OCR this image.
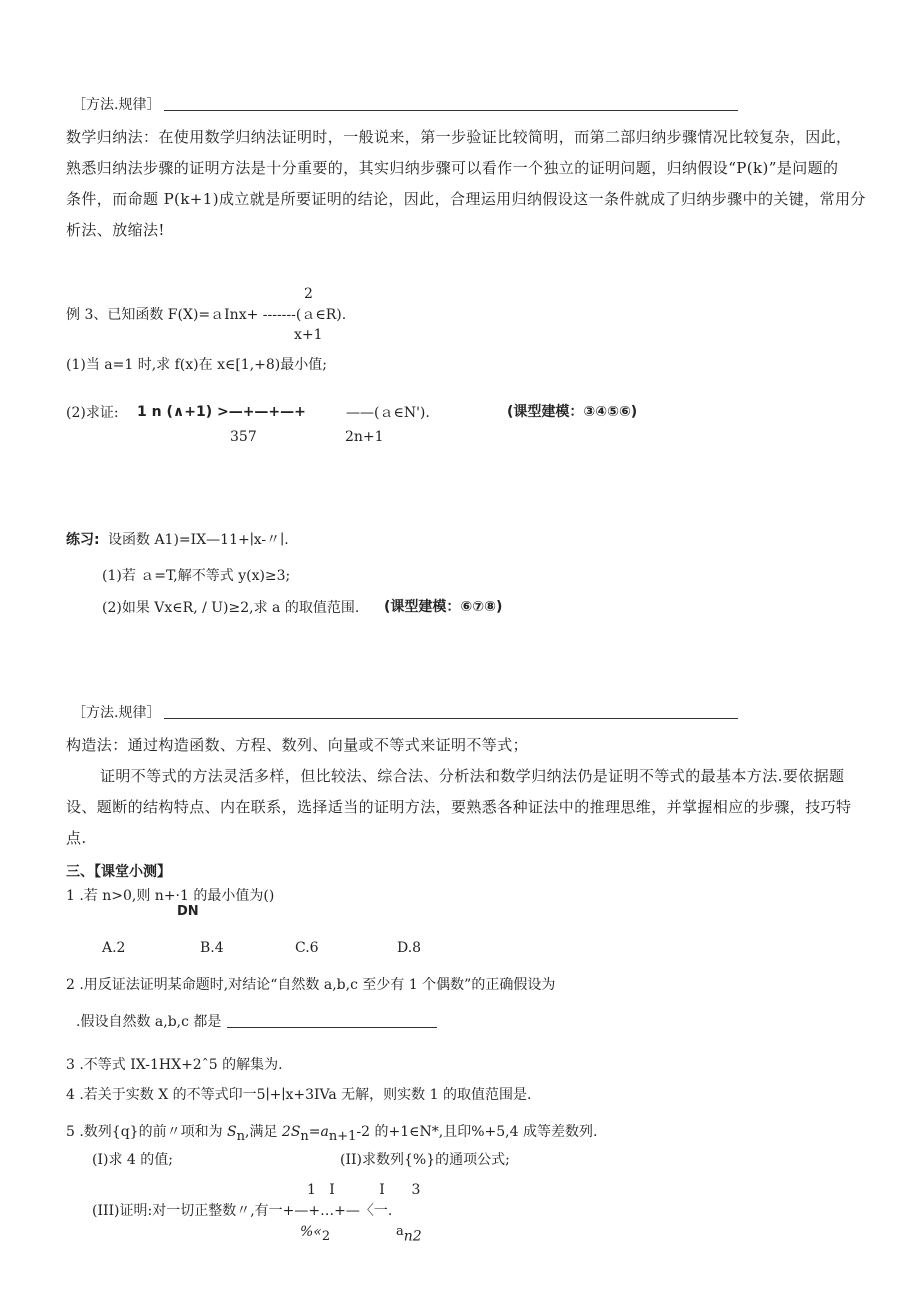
［方法.规律］
数学归纳法：在使用数学归纳法证明时，一般说来，第一步验证比较简明，而第二部归纳步骤情况比较复杂，因此，
熟悉归纳法步骤的证明方法是十分重要的，其实归纳步骤可以看作一个独立的证明问题，归纳假设“P(k)”是问题的
条件，而命题 P(k+1)成立就是所要证明的结论，因此，合理运用归纳假设这一条件就成了归纳步骤中的关键，常用分
析法、放缩法!
2
例 3、已知函数 F(X)=ａInx+ -------(ａ∈R).
x+1
(1)当 a=1 时,求 f(x)在 x∈[1,+8)最小值;
(2)求证: 1 n (∧+1) >—+—+—+	——(ａ∈N').	(课型建模：③④⑤⑥)
357	2n+1
练习: 设函数 A1)=IX—11+∣x-〃∣.
(1)若 ａ=T,解不等式 y(x)≥3;
(2)如果 Vx∈R, / U)≥2,求 a 的取值范围. (课型建模：⑥⑦⑧)
［方法.规律］
构造法：通过构造函数、方程、数列、向量或不等式来证明不等式；
证明不等式的方法灵活多样，但比较法、综合法、分析法和数学归纳法仍是证明不等式的最基本方法.要依据题
设、题断的结构特点、内在联系，选择适当的证明方法，要熟悉各种证法中的推理思维，并掌握相应的步骤，技巧特
点.
三、【课堂小测】
1 .若 n>0,则 n+·1 的最小值为()
DN
A.2	B.4	C.6	D.8
2 .用反证法证明某命题时,对结论“自然数 a,b,c 至少有 1 个偶数”的正确假设为
.假设自然数 a,b,c 都是
3 .不等式 IX-1HX+2ˆ5 的解集为.
4 .若关于实数 X 的不等式印一5∣+∣x+3IVa 无解，则实数 1 的取值范围是.
5 .数列{q}的前〃项和为 $S_n$,满足 $2S_n=a_{n+1}-2$ 的+1∈N*,且印%+5,4 成等差数列.
(I)求 4 的值;	(II)求数列{%}的通项公式;
1   I          I      3
(III)证明:对一切正整数〃,有一+—+…+—〈一.
$\%«_2$	$^a$n2
